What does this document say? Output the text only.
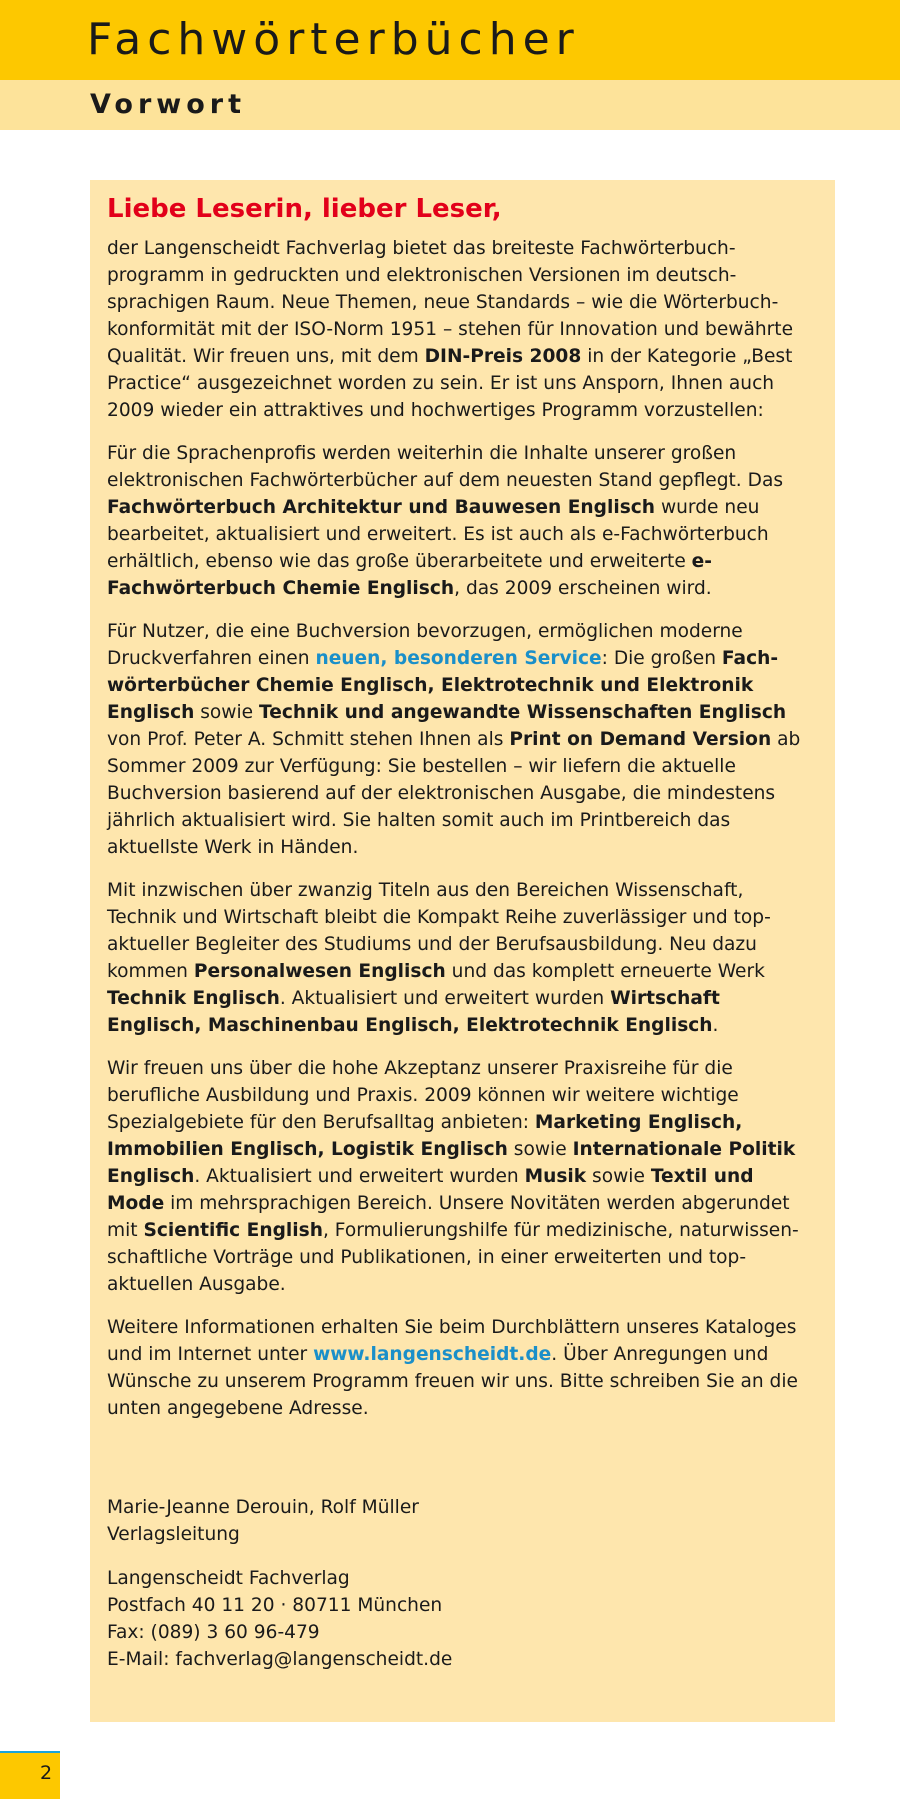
Fachwörterbücher
Vorwort
Liebe Leserin, lieber Leser,

der Langenscheidt Fachverlag bietet das breiteste Fachwörterbuchprogramm in gedruckten und elektronischen Versionen im deutschsprachigen Raum. Neue Themen, neue Standards – wie die Wörterbuchkonformität mit der ISO-Norm 1951 – stehen für Innovation und bewährte Qualität. Wir freuen uns, mit dem DIN-Preis 2008 in der Kategorie „Best Practice“ ausgezeichnet worden zu sein. Er ist uns Ansporn, Ihnen auch 2009 wieder ein attraktives und hochwertiges Programm vorzustellen:

Für die Sprachenprofis werden weiterhin die Inhalte unserer großen elektronischen Fachwörterbücher auf dem neuesten Stand gepflegt. Das Fachwörterbuch Architektur und Bauwesen Englisch wurde neu bearbeitet, aktualisiert und erweitert. Es ist auch als e-Fachwörterbuch erhältlich, ebenso wie das große überarbeitete und erweiterte e-Fachwörterbuch Chemie Englisch, das 2009 erscheinen wird.

Für Nutzer, die eine Buchversion bevorzugen, ermöglichen moderne Druckverfahren einen neuen, besonderen Service: Die großen Fachwörterbücher Chemie Englisch, Elektrotechnik und Elektronik Englisch sowie Technik und angewandte Wissenschaften Englisch von Prof. Peter A. Schmitt stehen Ihnen als Print on Demand Version ab Sommer 2009 zur Verfügung: Sie bestellen – wir liefern die aktuelle Buchversion basierend auf der elektronischen Ausgabe, die mindestens jährlich aktualisiert wird. Sie halten somit auch im Printbereich das aktuellste Werk in Händen.

Mit inzwischen über zwanzig Titeln aus den Bereichen Wissenschaft, Technik und Wirtschaft bleibt die Kompakt Reihe zuverlässiger und topaktueller Begleiter des Studiums und der Berufsausbildung. Neu dazu kommen Personalwesen Englisch und das komplett erneuerte Werk Technik Englisch. Aktualisiert und erweitert wurden Wirtschaft Englisch, Maschinenbau Englisch, Elektrotechnik Englisch.

Wir freuen uns über die hohe Akzeptanz unserer Praxisreihe für die berufliche Ausbildung und Praxis. 2009 können wir weitere wichtige Spezialgebiete für den Berufsalltag anbieten: Marketing Englisch, Immobilien Englisch, Logistik Englisch sowie Internationale Politik Englisch. Aktualisiert und erweitert wurden Musik sowie Textil und Mode im mehrsprachigen Bereich. Unsere Novitäten werden abgerundet mit Scientific English, Formulierungshilfe für medizinische, naturwissenschaftliche Vorträge und Publikationen, in einer erweiterten und topaktuellen Ausgabe.

Weitere Informationen erhalten Sie beim Durchblättern unseres Kataloges und im Internet unter www.langenscheidt.de. Über Anregungen und Wünsche zu unserem Programm freuen wir uns. Bitte schreiben Sie an die unten angegebene Adresse.

Marie-Jeanne Derouin, Rolf Müller
Verlagsleitung
Langenscheidt Fachverlag
Postfach 40 11 20 · 80711 München
Fax: (089) 3 60 96-479
E-Mail: fachverlag@langenscheidt.de
2
